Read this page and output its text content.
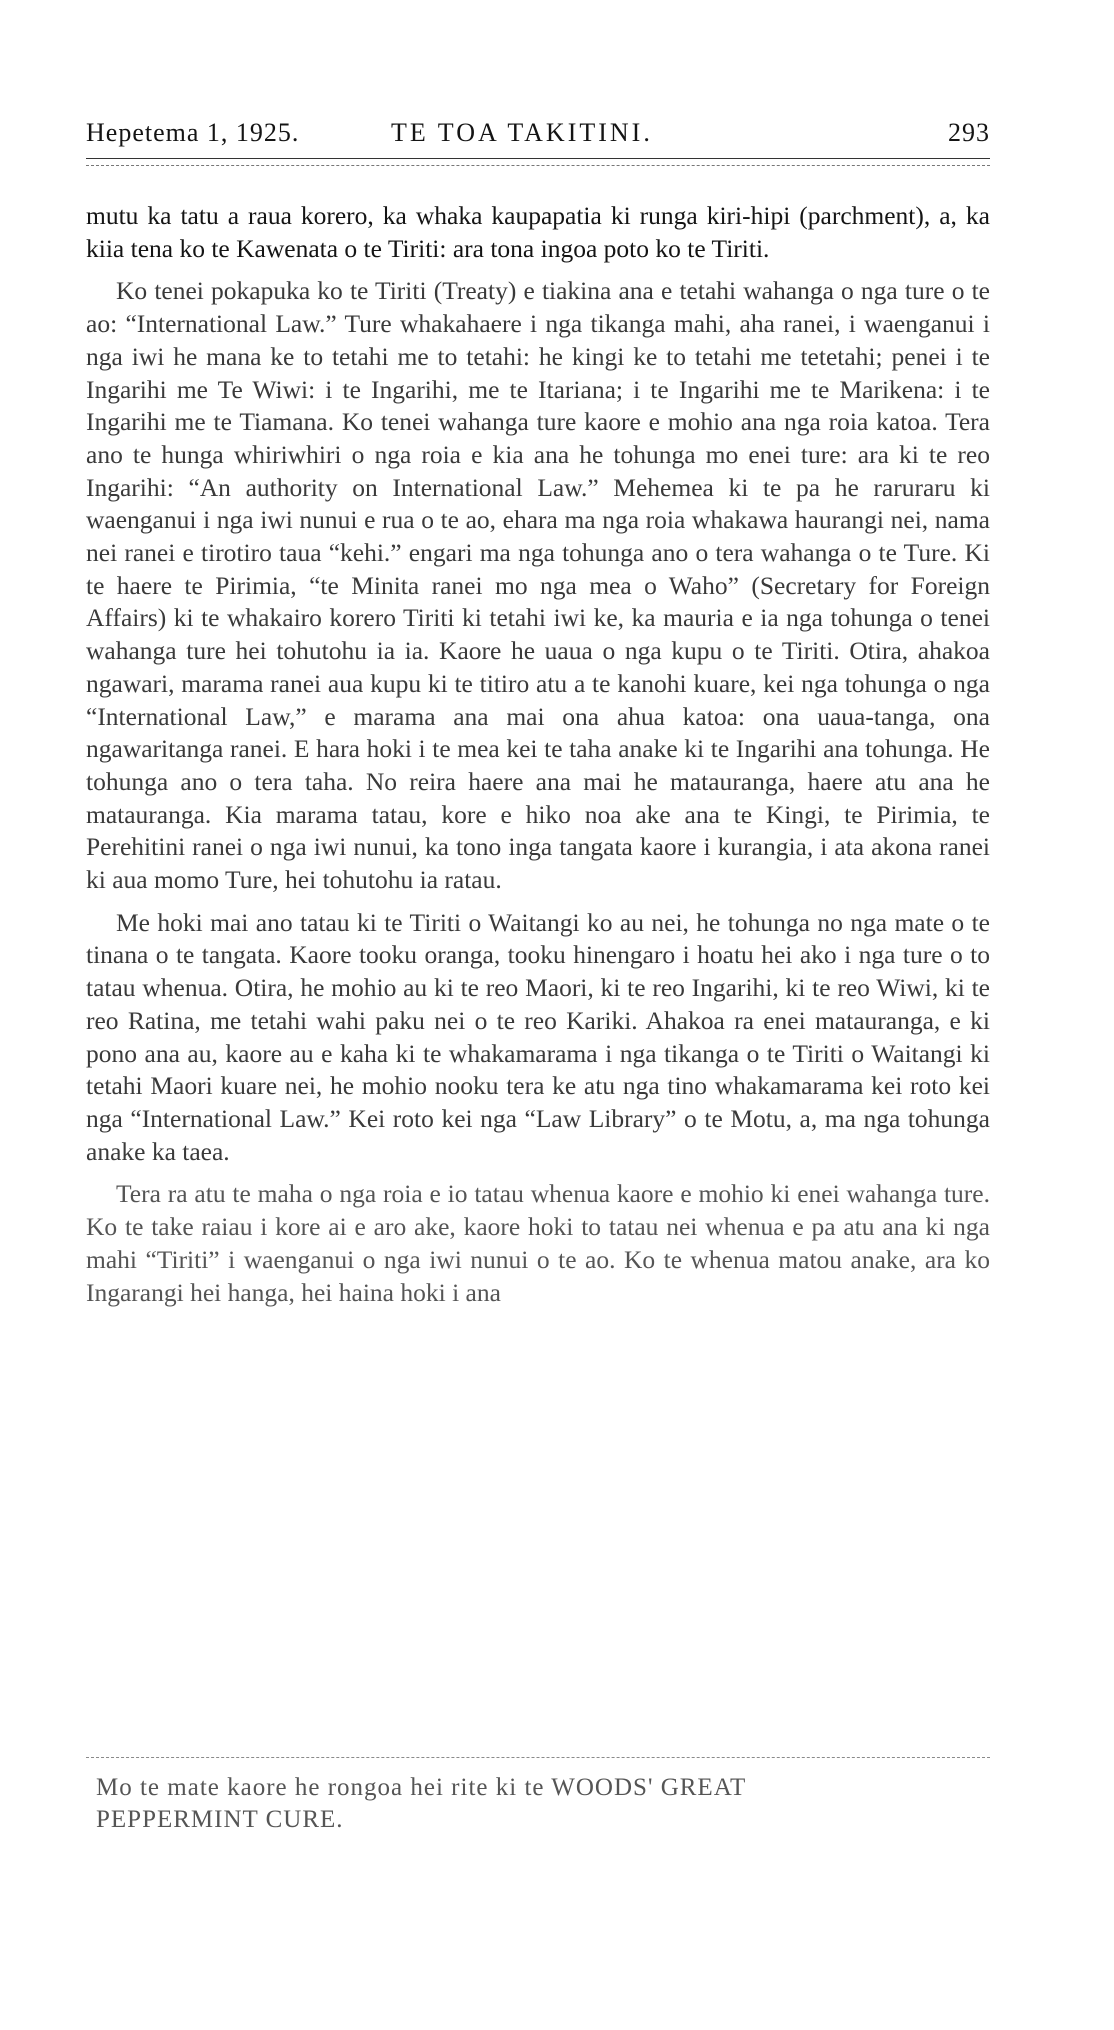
Hepetema 1, 1925.	TE TOA TAKITINI.	293

mutu ka tatu a raua korero, ka whaka kaupapatia ki runga kiri-hipi (parchment), a, ka kiia tena ko te Kawenata o te Tiriti: ara tona ingoa poto ko te Tiriti.

Ko tenei pokapuka ko te Tiriti (Treaty) e tiakina ana e tetahi wahanga o nga ture o te ao: “International Law.” Ture whakahaere i nga tikanga mahi, aha ranei, i waenganui i nga iwi he mana ke to tetahi me to tetahi: he kingi ke to tetahi me tetetahi; penei i te Ingarihi me Te Wiwi: i te Ingarihi, me te Itariana; i te Ingarihi me te Marikena: i te Ingarihi me te Tiamana. Ko tenei wahanga ture kaore e mohio ana nga roia katoa. Tera ano te hunga whiriwhiri o nga roia e kia ana he tohunga mo enei ture: ara ki te reo Ingarihi: “An authority on International Law.” Mehemea ki te pa he raruraru ki waenganui i nga iwi nunui e rua o te ao, ehara ma nga roia whakawa haurangi nei, nama nei ranei e tirotiro taua “kehi.” engari ma nga tohunga ano o tera wahanga o te Ture. Ki te haere te Pirimia, “te Minita ranei mo nga mea o Waho” (Secretary for Foreign Affairs) ki te whakairo korero Tiriti ki tetahi iwi ke, ka mauria e ia nga tohunga o tenei wahanga ture hei tohutohu ia ia. Kaore he uaua o nga kupu o te Tiriti. Otira, ahakoa ngawari, marama ranei aua kupu ki te titiro atu a te kanohi kuare, kei nga tohunga o nga “International Law,” e marama ana mai ona ahua katoa: ona uaua-tanga, ona ngawaritanga ranei. E hara hoki i te mea kei te taha anake ki te Ingarihi ana tohunga. He tohunga ano o tera taha. No reira haere ana mai he matauranga, haere atu ana he matauranga. Kia marama tatau, kore e hiko noa ake ana te Kingi, te Pirimia, te Perehitini ranei o nga iwi nunui, ka tono inga tangata kaore i kurangia, i ata akona ranei ki aua momo Ture, hei tohutohu ia ratau.

Me hoki mai ano tatau ki te Tiriti o Waitangi ko au nei, he tohunga no nga mate o te tinana o te tangata. Kaore tooku oranga, tooku hinengaro i hoatu hei ako i nga ture o to tatau whenua. Otira, he mohio au ki te reo Maori, ki te reo Ingarihi, ki te reo Wiwi, ki te reo Ratina, me tetahi wahi paku nei o te reo Kariki. Ahakoa ra enei matauranga, e ki pono ana au, kaore au e kaha ki te whakamarama i nga tikanga o te Tiriti o Waitangi ki tetahi Maori kuare nei, he mohio nooku tera ke atu nga tino whakamarama kei roto kei nga “International Law.” Kei roto kei nga “Law Library” o te Motu, a, ma nga tohunga anake ka taea.

Tera ra atu te maha o nga roia e io tatau whenua kaore e mohio ki enei wahanga ture. Ko te take raiau i kore ai e aro ake, kaore hoki to tatau nei whenua e pa atu ana ki nga mahi “Tiriti” i waenganui o nga iwi nunui o te ao. Ko te whenua matou anake, ara ko Ingarangi hei hanga, hei haina hoki i ana

Mo te mate kaore he rongoa hei rite ki te WOODS' GREAT
PEPPERMINT CURE.
